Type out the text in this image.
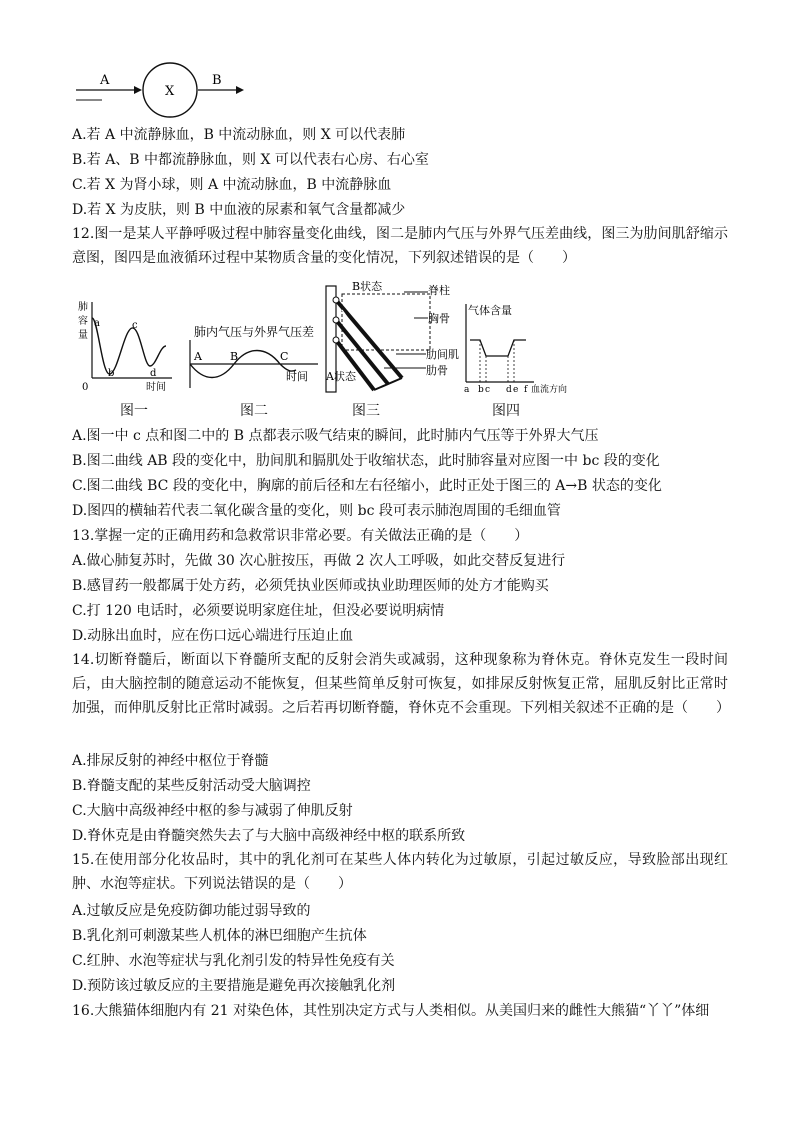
A
X
B
A.若 A 中流静脉血，B 中流动脉血，则 X 可以代表肺
B.若 A、B 中都流静脉血，则 X 可以代表右心房、右心室
C.若 X 为肾小球，则 A 中流动脉血，B 中流静脉血
D.若 X 为皮肤，则 B 中血液的尿素和氧气含量都减少
12.图一是某人平静呼吸过程中肺容量变化曲线，图二是肺内气压与外界气压差曲线，图三为肋间肌舒缩示意图，图四是血液循环过程中某物质含量的变化情况，下列叙述错误的是（　　）
肺
容
量
a
b
c
d
0	时间
肺内气压与外界气压差
A	B	C
时间
B状态	脊柱
胸骨
肋间肌
肋骨
A状态
气体含量
a b c d e f 血流方向
图一	图二	图三	图四
A.图一中 c 点和图二中的 B 点都表示吸气结束的瞬间，此时肺内气压等于外界大气压
B.图二曲线 AB 段的变化中，肋间肌和膈肌处于收缩状态，此时肺容量对应图一中 bc 段的变化
C.图二曲线 BC 段的变化中，胸廓的前后径和左右径缩小，此时正处于图三的 A→B 状态的变化
D.图四的横轴若代表二氧化碳含量的变化，则 bc 段可表示肺泡周围的毛细血管
13.掌握一定的正确用药和急救常识非常必要。有关做法正确的是（　　）
A.做心肺复苏时，先做 30 次心脏按压，再做 2 次人工呼吸，如此交替反复进行
B.感冒药一般都属于处方药，必须凭执业医师或执业助理医师的处方才能购买
C.打 120 电话时，必须要说明家庭住址，但没必要说明病情
D.动脉出血时，应在伤口远心端进行压迫止血
14.切断脊髓后，断面以下脊髓所支配的反射会消失或减弱，这种现象称为脊休克。脊休克发生一段时间后，由大脑控制的随意运动不能恢复，但某些简单反射可恢复，如排尿反射恢复正常，屈肌反射比正常时加强，而伸肌反射比正常时减弱。之后若再切断脊髓，脊休克不会重现。下列相关叙述不正确的是（　　）
A.排尿反射的神经中枢位于脊髓
B.脊髓支配的某些反射活动受大脑调控
C.大脑中高级神经中枢的参与减弱了伸肌反射
D.脊休克是由脊髓突然失去了与大脑中高级神经中枢的联系所致
15.在使用部分化妆品时，其中的乳化剂可在某些人体内转化为过敏原，引起过敏反应，导致脸部出现红肿、水泡等症状。下列说法错误的是（　　）
A.过敏反应是免疫防御功能过弱导致的
B.乳化剂可刺激某些人机体的淋巴细胞产生抗体
C.红肿、水泡等症状与乳化剂引发的特异性免疫有关
D.预防该过敏反应的主要措施是避免再次接触乳化剂
16.大熊猫体细胞内有 21 对染色体，其性别决定方式与人类相似。从美国归来的雌性大熊猫“丫丫”体细
